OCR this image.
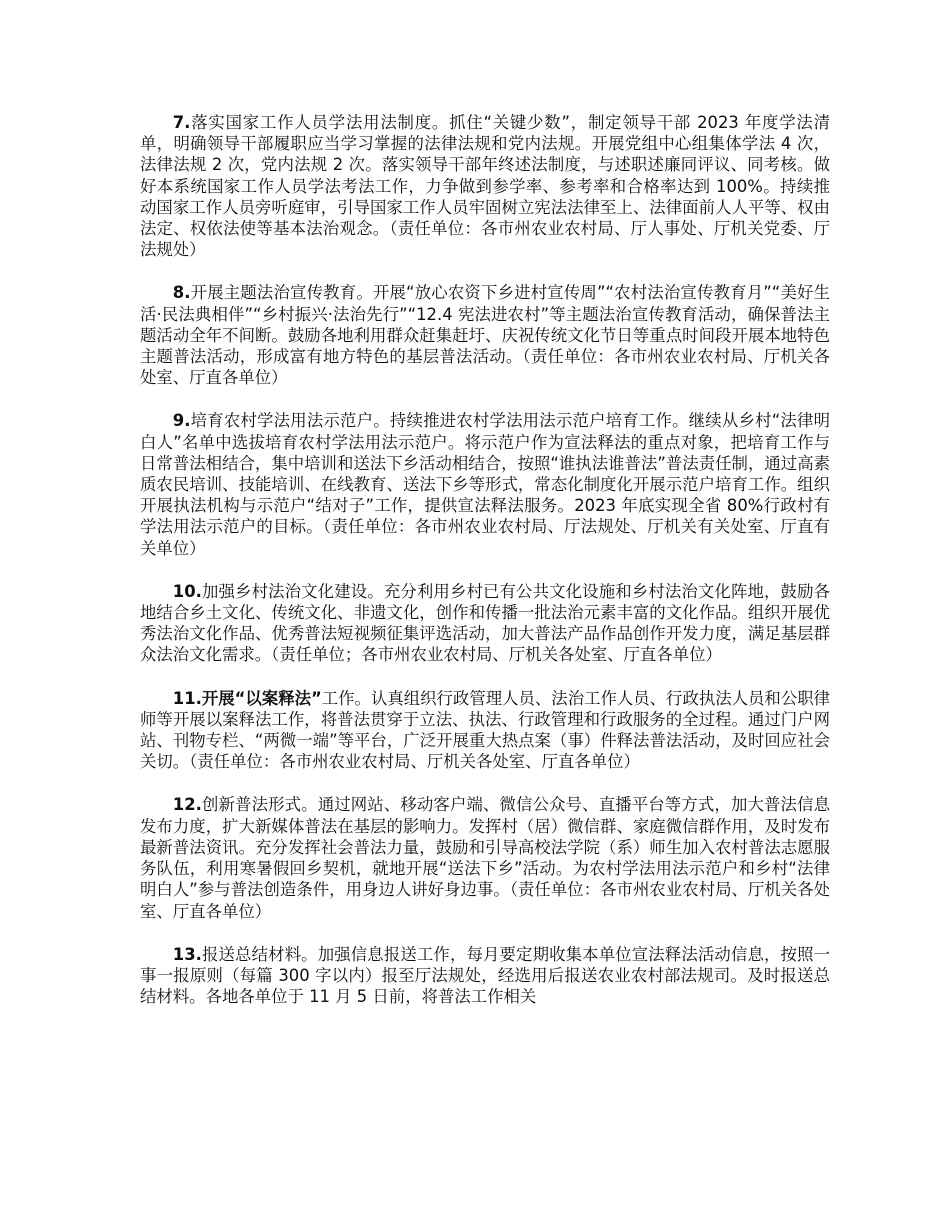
7.落实国家工作人员学法用法制度。抓住“关键少数”，制定领导干部 2023 年度学法清单，明确领导干部履职应当学习掌握的法律法规和党内法规。开展党组中心组集体学法 4 次，法律法规 2 次，党内法规 2 次。落实领导干部年终述法制度，与述职述廉同评议、同考核。做好本系统国家工作人员学法考法工作，力争做到参学率、参考率和合格率达到 100%。持续推动国家工作人员旁听庭审，引导国家工作人员牢固树立宪法法律至上、法律面前人人平等、权由法定、权依法使等基本法治观念。（责任单位：各市州农业农村局、厅人事处、厅机关党委、厅法规处）

8.开展主题法治宣传教育。开展“放心农资下乡进村宣传周”“农村法治宣传教育月”“美好生活·民法典相伴”“乡村振兴·法治先行”“12.4 宪法进农村”等主题法治宣传教育活动，确保普法主题活动全年不间断。鼓励各地利用群众赶集赶圩、庆祝传统文化节日等重点时间段开展本地特色主题普法活动，形成富有地方特色的基层普法活动。（责任单位：各市州农业农村局、厅机关各处室、厅直各单位）

9.培育农村学法用法示范户。持续推进农村学法用法示范户培育工作。继续从乡村“法律明白人”名单中选拔培育农村学法用法示范户。将示范户作为宣法释法的重点对象，把培育工作与日常普法相结合，集中培训和送法下乡活动相结合，按照“谁执法谁普法”普法责任制，通过高素质农民培训、技能培训、在线教育、送法下乡等形式，常态化制度化开展示范户培育工作。组织开展执法机构与示范户“结对子”工作，提供宣法释法服务。2023 年底实现全省 80%行政村有学法用法示范户的目标。（责任单位：各市州农业农村局、厅法规处、厅机关有关处室、厅直有关单位）

10.加强乡村法治文化建设。充分利用乡村已有公共文化设施和乡村法治文化阵地，鼓励各地结合乡土文化、传统文化、非遗文化，创作和传播一批法治元素丰富的文化作品。组织开展优秀法治文化作品、优秀普法短视频征集评选活动，加大普法产品作品创作开发力度，满足基层群众法治文化需求。（责任单位；各市州农业农村局、厅机关各处室、厅直各单位）

11.开展“以案释法”工作。认真组织行政管理人员、法治工作人员、行政执法人员和公职律师等开展以案释法工作，将普法贯穿于立法、执法、行政管理和行政服务的全过程。通过门户网站、刊物专栏、“两微一端”等平台，广泛开展重大热点案（事）件释法普法活动，及时回应社会关切。（责任单位：各市州农业农村局、厅机关各处室、厅直各单位）

12.创新普法形式。通过网站、移动客户端、微信公众号、直播平台等方式，加大普法信息发布力度，扩大新媒体普法在基层的影响力。发挥村（居）微信群、家庭微信群作用，及时发布最新普法资讯。充分发挥社会普法力量，鼓励和引导高校法学院（系）师生加入农村普法志愿服务队伍，利用寒暑假回乡契机，就地开展“送法下乡”活动。为农村学法用法示范户和乡村“法律明白人”参与普法创造条件，用身边人讲好身边事。（责任单位：各市州农业农村局、厅机关各处室、厅直各单位）

13.报送总结材料。加强信息报送工作，每月要定期收集本单位宣法释法活动信息，按照一事一报原则（每篇 300 字以内）报至厅法规处，经选用后报送农业农村部法规司。及时报送总结材料。各地各单位于 11 月 5 日前，将普法工作相关
